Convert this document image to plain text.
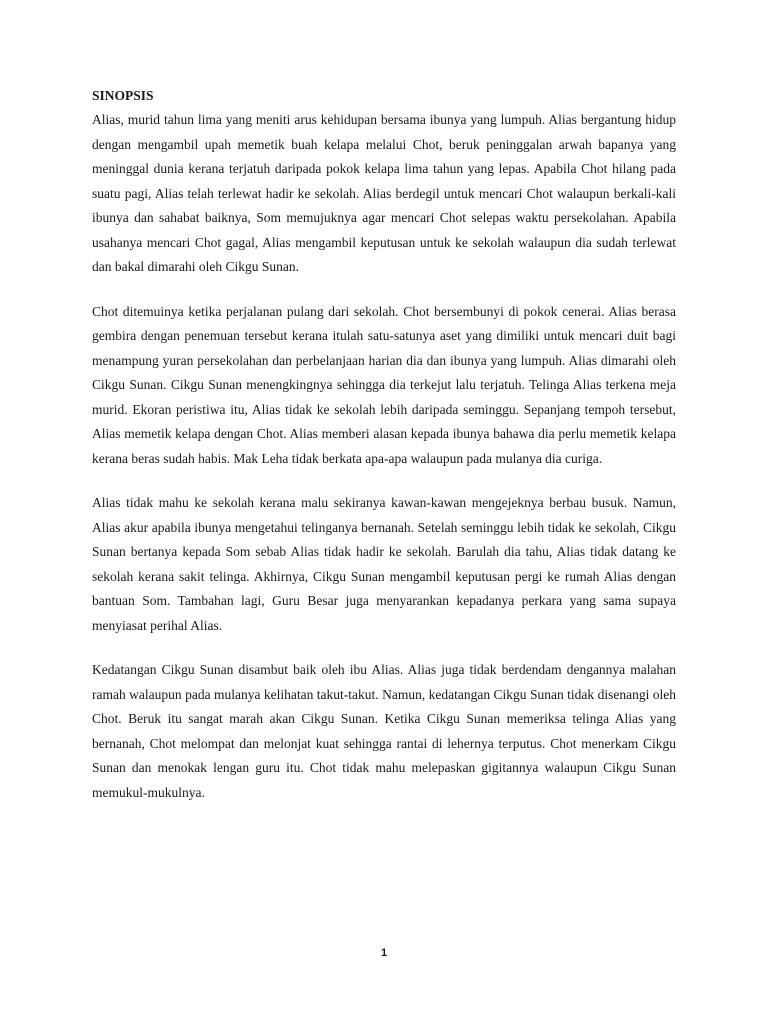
SINOPSIS

Alias, murid tahun lima yang meniti arus kehidupan bersama ibunya yang lumpuh. Alias bergantung hidup dengan mengambil upah memetik buah kelapa melalui Chot, beruk peninggalan arwah bapanya yang meninggal dunia kerana terjatuh daripada pokok kelapa lima tahun yang lepas. Apabila Chot hilang pada suatu pagi, Alias telah terlewat hadir ke sekolah. Alias berdegil untuk mencari Chot walaupun berkali-kali ibunya dan sahabat baiknya, Som memujuknya agar mencari Chot selepas waktu persekolahan. Apabila usahanya mencari Chot gagal, Alias mengambil keputusan untuk ke sekolah walaupun dia sudah terlewat dan bakal dimarahi oleh Cikgu Sunan.

Chot ditemuinya ketika perjalanan pulang dari sekolah. Chot bersembunyi di pokok cenerai. Alias berasa gembira dengan penemuan tersebut kerana itulah satu-satunya aset yang dimiliki untuk mencari duit bagi menampung yuran persekolahan dan perbelanjaan harian dia dan ibunya yang lumpuh. Alias dimarahi oleh Cikgu Sunan. Cikgu Sunan menengkingnya sehingga dia terkejut lalu terjatuh. Telinga Alias terkena meja murid. Ekoran peristiwa itu, Alias tidak ke sekolah lebih daripada seminggu. Sepanjang tempoh tersebut, Alias memetik kelapa dengan Chot. Alias memberi alasan kepada ibunya bahawa dia perlu memetik kelapa kerana beras sudah habis. Mak Leha tidak berkata apa-apa walaupun pada mulanya dia curiga.

Alias tidak mahu ke sekolah kerana malu sekiranya kawan-kawan mengejeknya berbau busuk. Namun, Alias akur apabila ibunya mengetahui telinganya bernanah. Setelah seminggu lebih tidak ke sekolah, Cikgu Sunan bertanya kepada Som sebab Alias tidak hadir ke sekolah. Barulah dia tahu, Alias tidak datang ke sekolah kerana sakit telinga. Akhirnya, Cikgu Sunan mengambil keputusan pergi ke rumah Alias dengan bantuan Som. Tambahan lagi, Guru Besar juga menyarankan kepadanya perkara yang sama supaya menyiasat perihal Alias.

Kedatangan Cikgu Sunan disambut baik oleh ibu Alias. Alias juga tidak berdendam dengannya malahan ramah walaupun pada mulanya kelihatan takut-takut. Namun, kedatangan Cikgu Sunan tidak disenangi oleh Chot. Beruk itu sangat marah akan Cikgu Sunan. Ketika Cikgu Sunan memeriksa telinga Alias yang bernanah, Chot melompat dan melonjat kuat sehingga rantai di lehernya terputus. Chot menerkam Cikgu Sunan dan menokak lengan guru itu. Chot tidak mahu melepaskan gigitannya walaupun Cikgu Sunan memukul-mukulnya.

1
